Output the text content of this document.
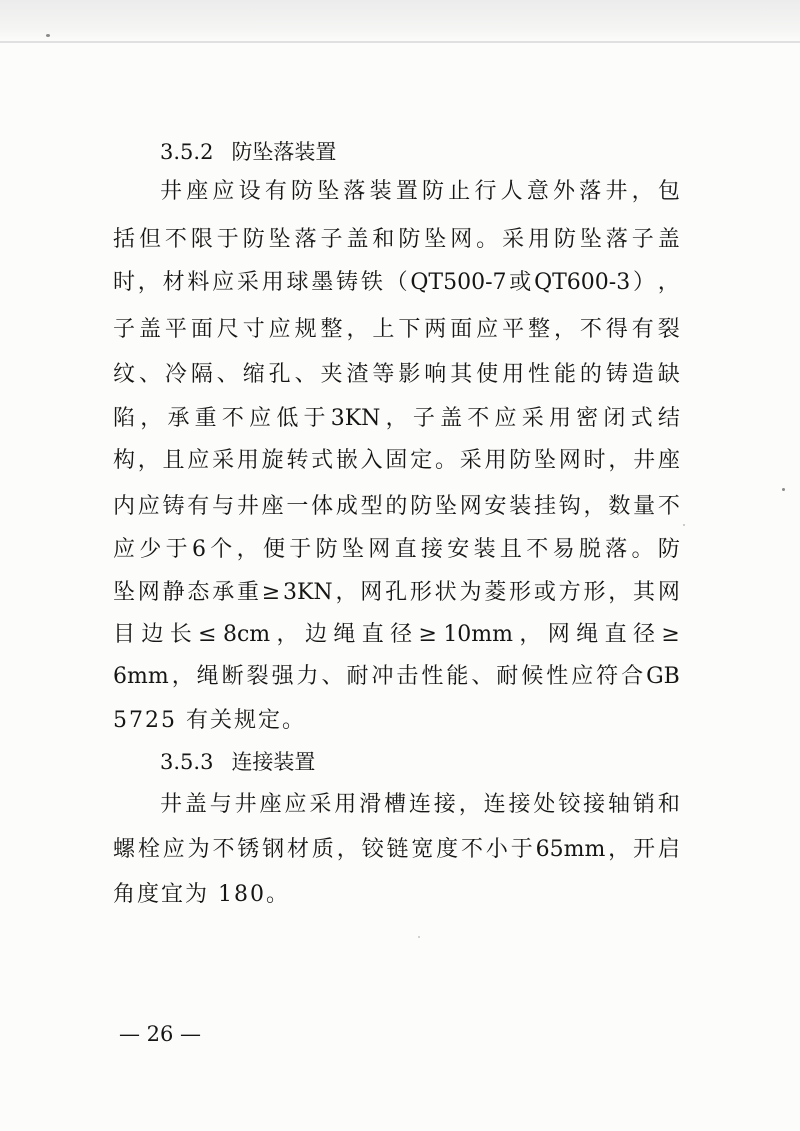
3.5.2 防坠落装置
井 座 应 设 有 防 坠 落 装 置 防 止 行 人 意 外 落 井 ， 包
括 但 不 限 于 防 坠 落 子 盖 和 防 坠 网 。 采 用 防 坠 落 子 盖
时 ， 材 料 应 采 用 球 墨 铸 铁 （ QT500-7 或 QT600-3 ） ，
子 盖 平 面 尺 寸 应 规 整 ， 上 下 两 面 应 平 整 ， 不 得 有 裂
纹 、 冷 隔 、 缩 孔 、 夹 渣 等 影 响 其 使 用 性 能 的 铸 造 缺
陷 ， 承 重 不 应 低 于 3KN ， 子 盖 不 应 采 用 密 闭 式 结
构 ， 且 应 采 用 旋 转 式 嵌 入 固 定 。 采 用 防 坠 网 时 ， 井 座
内 应 铸 有 与 井 座 一 体 成 型 的 防 坠 网 安 装 挂 钩 ， 数 量 不
应 少 于 6 个 ， 便 于 防 坠 网 直 接 安 装 且 不 易 脱 落 。 防
坠 网 静 态 承 重 ≥ 3KN ， 网 孔 形 状 为 菱 形 或 方 形 ， 其 网
目 边 长 ≤ 8cm ， 边 绳 直 径 ≥ 10mm ， 网 绳 直 径 ≥
6mm ， 绳 断 裂 强 力 、 耐 冲 击 性 能 、 耐 候 性 应 符 合 GB
5725 有关规定。
3.5.3 连接装置
井 盖 与 井 座 应 采 用 滑 槽 连 接 ， 连 接 处 铰 接 轴 销 和
螺 栓 应 为 不 锈 钢 材 质 ， 铰 链 宽 度 不 小 于 65mm ， 开 启
角度宜为 180。
— 26 —
